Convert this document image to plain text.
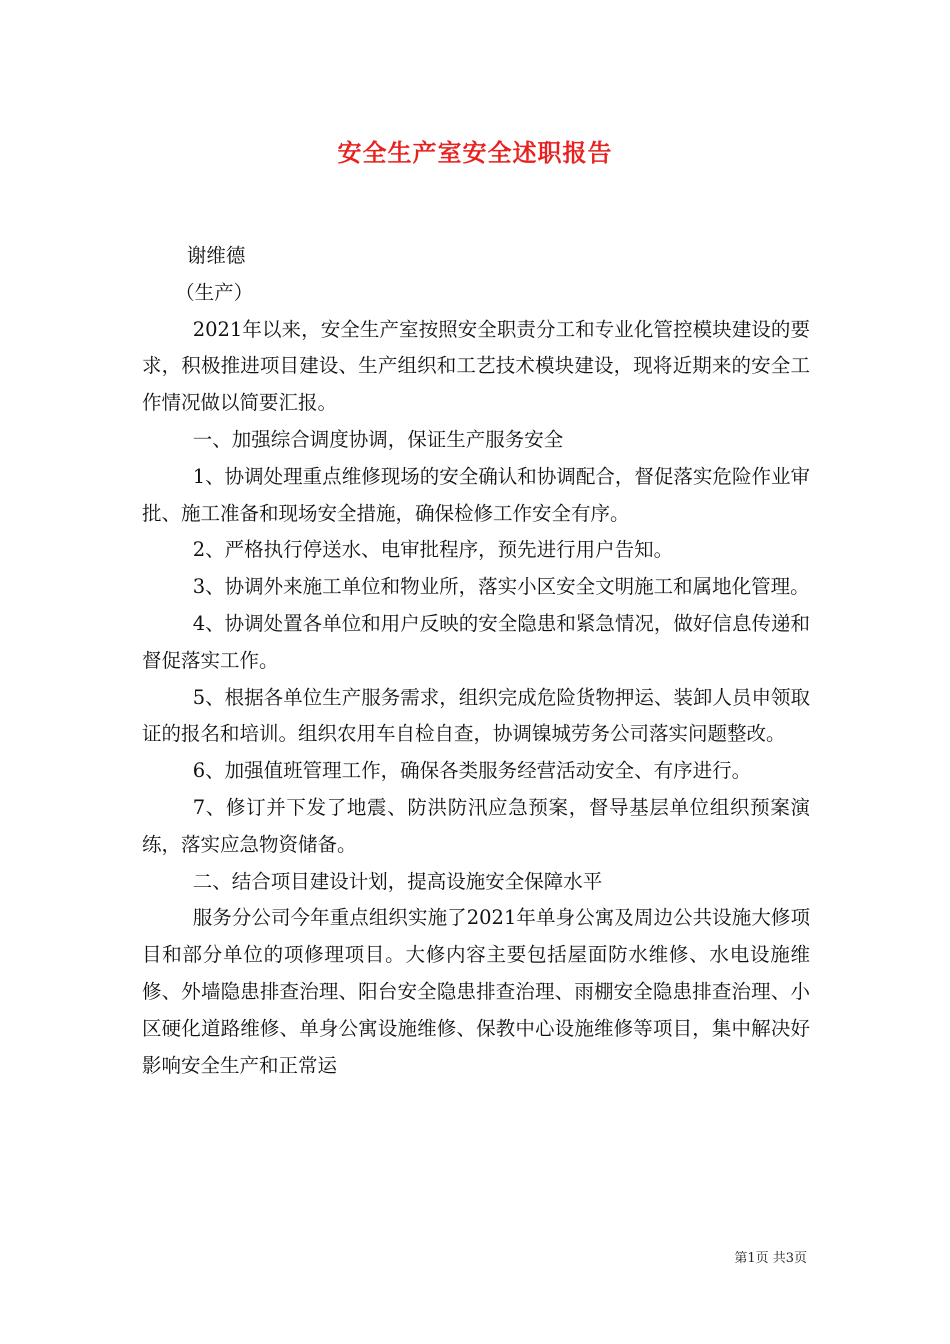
安全生产室安全述职报告

谢维德

（生产）

2021年以来，安全生产室按照安全职责分工和专业化管控模块建设的要求，积极推进项目建设、生产组织和工艺技术模块建设，现将近期来的安全工作情况做以简要汇报。

一、加强综合调度协调，保证生产服务安全

1、协调处理重点维修现场的安全确认和协调配合，督促落实危险作业审批、施工准备和现场安全措施，确保检修工作安全有序。

2、严格执行停送水、电审批程序，预先进行用户告知。

3、协调外来施工单位和物业所，落实小区安全文明施工和属地化管理。

4、协调处置各单位和用户反映的安全隐患和紧急情况，做好信息传递和督促落实工作。

5、根据各单位生产服务需求，组织完成危险货物押运、装卸人员申领取证的报名和培训。组织农用车自检自查，协调镍城劳务公司落实问题整改。

6、加强值班管理工作，确保各类服务经营活动安全、有序进行。

7、修订并下发了地震、防洪防汛应急预案，督导基层单位组织预案演练，落实应急物资储备。

二、结合项目建设计划，提高设施安全保障水平

服务分公司今年重点组织实施了2021年单身公寓及周边公共设施大修项目和部分单位的项修理项目。大修内容主要包括屋面防水维修、水电设施维修、外墙隐患排查治理、阳台安全隐患排查治理、雨棚安全隐患排查治理、小区硬化道路维修、单身公寓设施维修、保教中心设施维修等项目，集中解决好影响安全生产和正常运

第1页 共3页
